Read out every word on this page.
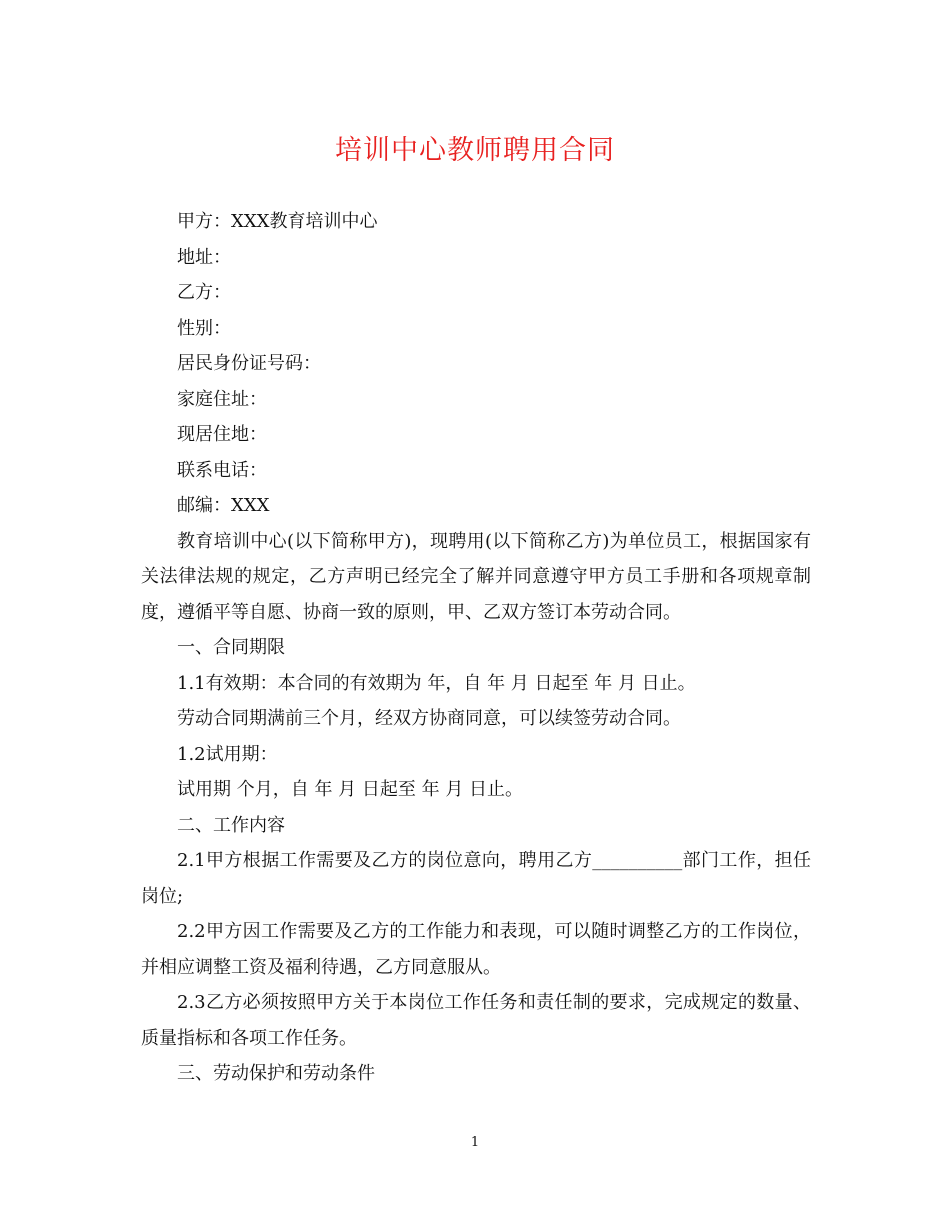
培训中心教师聘用合同

甲方：XXX教育培训中心

地址：

乙方：

性别：

居民身份证号码：

家庭住址：

现居住地：

联系电话：

邮编：XXX

教育培训中心(以下简称甲方)，现聘用(以下简称乙方)为单位员工，根据国家有关法律法规的规定，乙方声明已经完全了解并同意遵守甲方员工手册和各项规章制度，遵循平等自愿、协商一致的原则，甲、乙双方签订本劳动合同。

一、合同期限

1.1有效期：本合同的有效期为 年，自 年 月 日起至 年 月 日止。

劳动合同期满前三个月，经双方协商同意，可以续签劳动合同。

1.2试用期：

试用期 个月，自 年 月 日起至 年 月 日止。

二、工作内容

2.1甲方根据工作需要及乙方的岗位意向，聘用乙方__________部门工作，担任岗位;

2.2甲方因工作需要及乙方的工作能力和表现，可以随时调整乙方的工作岗位，并相应调整工资及福利待遇，乙方同意服从。

2.3乙方必须按照甲方关于本岗位工作任务和责任制的要求，完成规定的数量、质量指标和各项工作任务。

三、劳动保护和劳动条件

1
